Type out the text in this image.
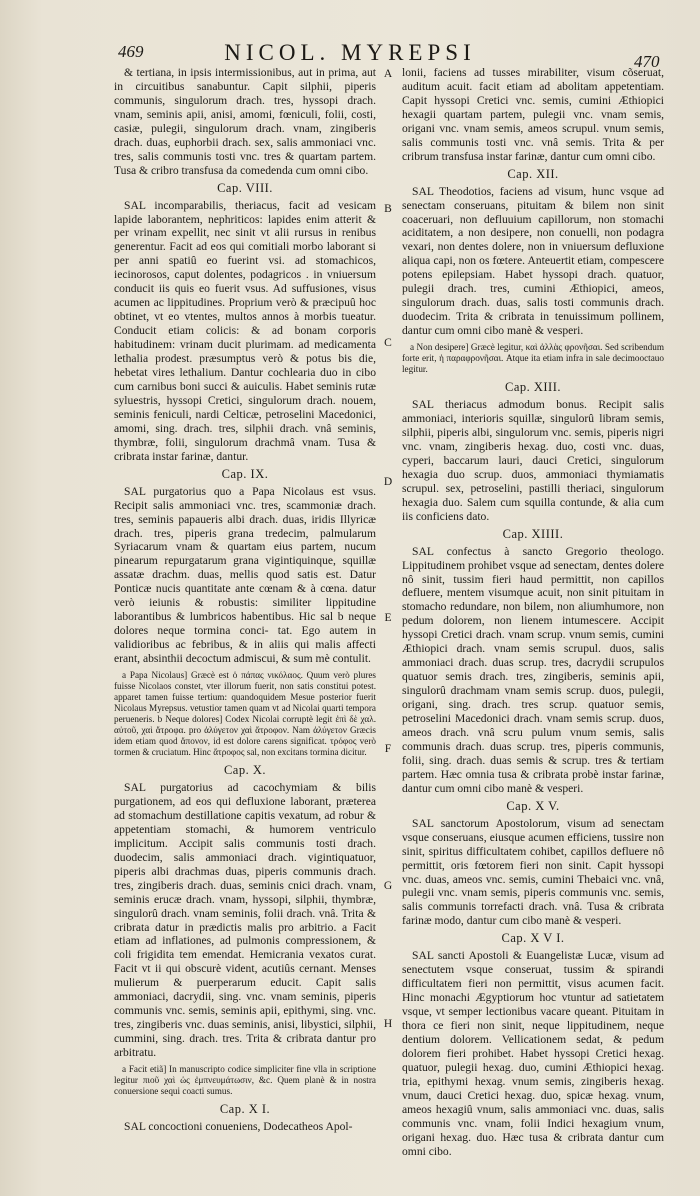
469	NICOL. MYREPSI	470

& tertiana, in ipsis intermissionibus, aut in prima, aut in circuitibus sanabuntur. Capit silphii, piperis communis, singulorum drach. tres, hyssopi drach. vnam, seminis apii, anisi, amomi, fœniculi, folii, costi, casiæ, pulegii, singulorum drach. vnam, zingiberis drach. duas, euphorbii drach. sex, salis ammoniaci vnc. tres, salis communis tosti vnc. tres & quartam partem. Tusa & cribro transfusa da comedenda cum omni cibo.

Cap. VIII.

SAL incomparabilis, theriacus, facit ad vesicam lapide laborantem, nephriticos: lapides enim atterit & per vrinam expellit, nec sinit vt alii rursus in renibus generentur. Facit ad eos qui comitiali morbo laborant si per anni spatiû eo fuerint vsi. ad stomachicos, iecinorosos, caput dolentes, podagricos . in vniuersum conducit iis quis eo fuerit vsus. Ad suffusiones, visus acumen ac lippitudines. Proprium verò & præcipuû hoc obtinet, vt eo vtentes, multos annos à morbis tueatur. Conducit etiam colicis: & ad bonam corporis habitudinem: vrinam ducit plurimam. ad medicamenta lethalia prodest. præsumptus verò & potus bis die, hebetat vires lethalium. Dantur cochlearia duo in cibo cum carnibus boni succi & auiculis. Habet seminis rutæ syluestris, hyssopi Cretici, singulorum drach. nouem, seminis feniculi, nardi Celticæ, petroselini Macedonici, amomi, sing. drach. tres, silphii drach. vnâ seminis, thymbræ, folii, singulorum drachmâ vnam. Tusa & cribrata instar farinæ, dantur.

Cap. IX.

SAL purgatorius quo a Papa Nicolaus est vsus. Recipit salis ammoniaci vnc. tres, scammoniæ drach. tres, seminis papaueris albi drach. duas, iridis Illyricæ drach. tres, piperis grana tredecim, palmularum Syriacarum vnam & quartam eius partem, nucum pinearum repurgatarum grana vigintiquinque, squillæ assatæ drachm. duas, mellis quod satis est. Datur Ponticæ nucis quantitate ante cœnam & à cœna. datur verò ieiunis & robustis: similiter lippitudine laborantibus & lumbricos habentibus. Hic sal b neque dolores neque tormina conci- tat. Ego autem in validioribus ac febribus, & in aliis qui malis affecti erant, absinthii decoctum admiscui, & sum mè contulit.

a Papa Nicolaus] Græcè est ὁ πάπας νικόλαος. Quum verò plures fuisse Nicolaos constet, vter illorum fuerit, non satis constitui potest. apparet tamen fuisse tertium: quandoquidem Mesue posterior fuerit Nicolaus Myrepsus. vetustior tamen quam vt ad Nicolai quarti tempora perueneris. b Neque dolores] Codex Nicolai corruptè legit ἐπὶ δὲ χαλ. αὐτοῦ, χαὶ ἄτροφα. pro ἀλύγετον χαὶ ἄτροφον. Nam ἀλύγετον Græcis idem etiam quod ἄπονον, id est dolore carens significat. τρόφος verò tormen & cruciatum. Hinc ἄτροφος sal, non excitans tormina dicitur.

Cap. X.

SAL purgatorius ad cacochymiam & bilis purgationem, ad eos qui defluxione laborant, præterea ad stomachum destillatione capitis vexatum, ad robur & appetentiam stomachi, & humorem ventriculo implicitum. Accipit salis communis tosti drach. duodecim, salis ammoniaci drach. vigintiquatuor, piperis albi drachmas duas, piperis communis drach. tres, zingiberis drach. duas, seminis cnici drach. vnam, seminis erucæ drach. vnam, hyssopi, silphii, thymbræ, singulorû drach. vnam seminis, folii drach. vnâ. Trita & cribrata datur in prædictis malis pro arbitrio. a Facit etiam ad inflationes, ad pulmonis compressionem, & coli frigidita tem emendat. Hemicrania vexatos curat. Facit vt ii qui obscurè vident, acutiûs cernant. Menses mulierum & puerperarum educit. Capit salis ammoniaci, dacrydii, sing. vnc. vnam seminis, piperis communis vnc. semis, seminis apii, epithymi, sing. vnc. tres, zingiberis vnc. duas seminis, anisi, libystici, silphii, cummini, sing. drach. tres. Trita & cribrata dantur pro arbitratu.

a Facit etiã] In manuscripto codice simpliciter fine vlla in scriptione legitur πιοῦ χαὶ ὡς ἐμπνευμάτωσιν, &c. Quem planè & in nostra conuersione sequi coacti sumus.

Cap. X I.

SAL concoctioni conueniens, Dodecatheos Apol-

A
B
C
D
E
F
G
H

lonii, faciens ad tusses mirabiliter, visum cõseruat, auditum acuit. facit etiam ad abolitam appetentiam. Capit hyssopi Cretici vnc. semis, cumini Æthiopici hexagii quartam partem, pulegii vnc. vnam semis, origani vnc. vnam semis, ameos scrupul. vnum semis, salis communis tosti vnc. vnâ semis. Trita & per cribrum transfusa instar farinæ, dantur cum omni cibo.

Cap. XII.

SAL Theodotios, faciens ad visum, hunc vsque ad senectam conseruans, pituitam & bilem non sinit coaceruari, non defluuium capillorum, non stomachi aciditatem, a non desipere, non conuelli, non podagra vexari, non dentes dolere, non in vniuersum defluxione aliqua capi, non os fœtere. Anteuertit etiam, compescere potens epilepsiam. Habet hyssopi drach. quatuor, pulegii drach. tres, cumini Æthiopici, ameos, singulorum drach. duas, salis tosti communis drach. duodecim. Trita & cribrata in tenuissimum pollinem, dantur cum omni cibo manè & vesperi.

a Non desipere] Græcè legitur, καὶ ἀλλὰς φρονῆσαι. Sed scribendum forte erit, ἡ παραφρονῆσαι. Atque ita etiam infra in sale decimooctauo legitur.

Cap. XIII.

SAL theriacus admodum bonus. Recipit salis ammoniaci, interioris squillæ, singulorû libram semis, silphii, piperis albi, singulorum vnc. semis, piperis nigri vnc. vnam, zingiberis hexag. duo, costi vnc. duas, cyperi, baccarum lauri, dauci Cretici, singulorum hexagia duo scrup. duos, ammoniaci thymiamatis scrupul. sex, petroselini, pastilli theriaci, singulorum hexagia duo. Salem cum squilla contunde, & alia cum iis conficiens dato.

Cap. XIIII.

SAL confectus à sancto Gregorio theologo. Lippitudinem prohibet vsque ad senectam, dentes dolere nô sinit, tussim fieri haud permittit, non capillos defluere, mentem visumque acuit, non sinit pituitam in stomacho redundare, non bilem, non aliumhumore, non pedum dolorem, non lienem intumescere. Accipit hyssopi Cretici drach. vnam scrup. vnum semis, cumini Æthiopici drach. vnam semis scrupul. duos, salis ammoniaci drach. duas scrup. tres, dacrydii scrupulos quatuor semis drach. tres, zingiberis, seminis apii, singulorû drachmam vnam semis scrup. duos, pulegii, origani, sing. drach. tres scrup. quatuor semis, petroselini Macedonici drach. vnam semis scrup. duos, ameos drach. vnâ scru pulum vnum semis, salis communis drach. duas scrup. tres, piperis communis, folii, sing. drach. duas semis & scrup. tres & tertiam partem. Hæc omnia tusa & cribrata probè instar farinæ, dantur cum omni cibo manè & vesperi.

Cap. X V.

SAL sanctorum Apostolorum, visum ad senectam vsque conseruans, eiusque acumen efficiens, tussire non sinit, spiritus difficultatem cohibet, capillos defluere nô permittit, oris fœtorem fieri non sinit. Capit hyssopi vnc. duas, ameos vnc. semis, cumini Thebaici vnc. vnâ, pulegii vnc. vnam semis, piperis communis vnc. semis, salis communis torrefacti drach. vnâ. Tusa & cribrata farinæ modo, dantur cum cibo manè & vesperi.

Cap. X V I.

SAL sancti Apostoli & Euangelistæ Lucæ, visum ad senectutem vsque conseruat, tussim & spirandi difficultatem fieri non permittit, visus acumen facit. Hinc monachi Ægyptiorum hoc vtuntur ad satietatem vsque, vt semper lectionibus vacare queant. Pituitam in thora ce fieri non sinit, neque lippitudinem, neque dentium dolorem. Vellicationem sedat, & pedum dolorem fieri prohibet. Habet hyssopi Cretici hexag. quatuor, pulegii hexag. duo, cumini Æthiopici hexag. tria, epithymi hexag. vnum semis, zingiberis hexag. vnum, dauci Cretici hexag. duo, spicæ hexag. vnum, ameos hexagiû vnum, salis ammoniaci vnc. duas, salis communis vnc. vnam, folii Indici hexagium vnum, origani hexag. duo. Hæc tusa & cribrata dantur cum omni cibo.
